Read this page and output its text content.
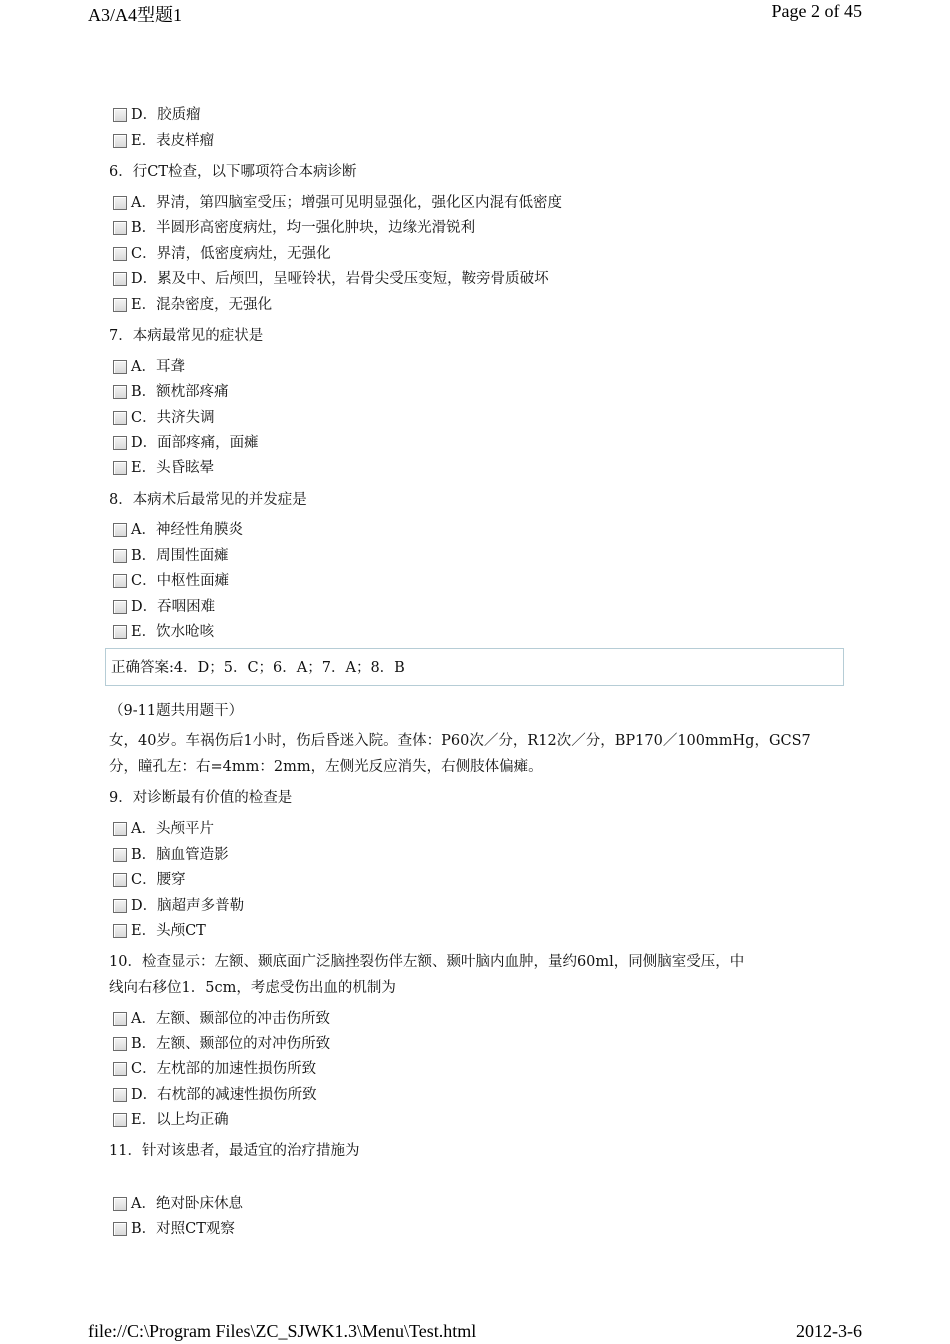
A3/A4型题1	Page 2 of 45
D．胶质瘤
E．表皮样瘤
6．行CT检查，以下哪项符合本病诊断
A．界清，第四脑室受压；增强可见明显强化，强化区内混有低密度
B．半圆形高密度病灶，均一强化肿块，边缘光滑锐利
C．界清，低密度病灶，无强化
D．累及中、后颅凹，呈哑铃状，岩骨尖受压变短，鞍旁骨质破坏
E．混杂密度，无强化
7．本病最常见的症状是
A．耳聋
B．额枕部疼痛
C．共济失调
D．面部疼痛，面瘫
E．头昏眩晕
8．本病术后最常见的并发症是
A．神经性角膜炎
B．周围性面瘫
C．中枢性面瘫
D．吞咽困难
E．饮水呛咳
正确答案:4．D；5．C；6．A；7．A；8．B
（9-11题共用题干）
女，40岁。车祸伤后1小时，伤后昏迷入院。查体：P60次／分，R12次／分，BP170／100mmHg，GCS7
分，瞳孔左：右=4mm：2mm，左侧光反应消失，右侧肢体偏瘫。
9．对诊断最有价值的检查是
A．头颅平片
B．脑血管造影
C．腰穿
D．脑超声多普勒
E．头颅CT
10．检查显示：左额、颞底面广泛脑挫裂伤伴左额、颞叶脑内血肿，量约60ml，同侧脑室受压，中
线向右移位1．5cm，考虑受伤出血的机制为
A．左额、颞部位的冲击伤所致
B．左额、颞部位的对冲伤所致
C．左枕部的加速性损伤所致
D．右枕部的减速性损伤所致
E．以上均正确
11．针对该患者，最适宜的治疗措施为
A．绝对卧床休息
B．对照CT观察
file://C:\Program Files\ZC_SJWK1.3\Menu\Test.html	2012-3-6
